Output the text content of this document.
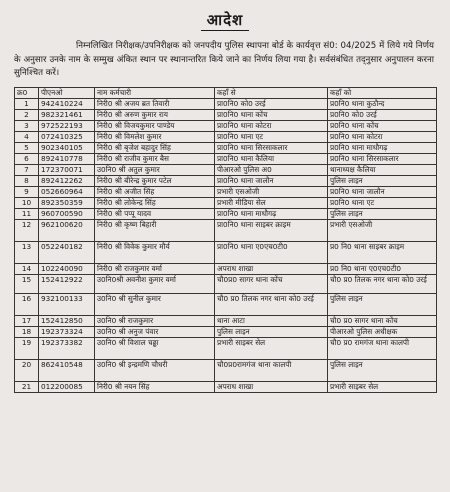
आदेश

निम्नलिखित निरीक्षक/उपनिरीक्षक को जनपदीय पुलिस स्थापना बोर्ड के कार्यवृत्त सं0: 04/2025 में लिये गये निर्णय के अनुसार उनके नाम के सम्मुख अंकित स्थान पर स्थानान्तरित किये जाने का निर्णय लिया गया है। सर्वसंबंधित तद्नुसार अनुपालन करना सुनिश्चित करें।

क्र0	पीएनओ	नाम कर्मचारी	कहाँ से	कहाँ को
1	942410224	निरी0 श्री अजय ब्रत तिवारी	प्रा0नि0 को0 उरई	प्र0नि0 थाना कुठौन्द
2	982321461	निरी0 श्री अरुण कुमार राय	प्रा0नि0 थाना कोंच	प्र0नि0 को0 उरई
3	972522193	निरी0 श्री विजयकुमार पाण्डेय	प्रा0नि0 थाना कोटरा	प्र0नि0 थाना कोंच
4	072410325	निरी0 श्री विमलेश कुमार	प्रा0नि0 थाना एट	प्र0नि0 थाना कोटरा
5	902340105	निरी0 श्री बृजेश बहादुर सिंह	प्रा0नि0 थाना सिरसाकलार	प्र0नि0 थाना माधौगढ़
6	892410778	निरी0 श्री राजीव कुमार बैस	प्रा0नि0 थाना कैलिया	प्र0नि0 थाना सिरसाकलार
7	172370071	उ0नि0 श्री अतुल कुमार	पीआरओ पुलिस अ0	थानाध्यक्ष कैलिया
8	892412262	निरी0 श्री बीरेन्द्र कुमार पटेल	प्रा0नि0 थाना जालौन	पुलिस लाइन
9	052660964	निरी0 श्री अजीत सिंह	प्रभारी एसओजी	प्र0नि0 थाना जालौन
10	892350359	निरी0 श्री लोकेन्द्र सिंह	प्रभारी मीडिया सेल	प्र0नि0 थाना एट
11	960700590	निरी0 श्री पप्पू यादव	प्रा0नि0 थाना माधौगढ़	पुलिस लाइन
12	962100620	निरी0 श्री कृष्ण बिहारी	प्रा0नि0 थाना साइबर क्राइम	प्रभारी एसओजी
13	052240182	निरी0 श्री विवेक कुमार मौर्य	प्रा0नि0 थाना ए0एच0टी0	प्र0 नि0 थाना साइबर क्राइम
14	102240090	निरी0 श्री राजकुमार वर्मा	अपराध शाखा	प्र0 नि0 थाना ए0एच0टी0
15	152412922	उ0नि0श्री अवनीश कुमार वर्मा	चौ0प्र0 सागर थाना कोंच	चौ0 प्र0 तिलक नगर थाना को0 उरई
16	932100133	उ0नि0 श्री सुनील कुमार	चौ0 प्र0 तिलक नगर थाना को0 उरई	पुलिस लाइन
17	152412850	उ0नि0 श्री राजकुमार	थाना आटा	चौ0 प्र0 सागर थाना कोंच
18	192373324	उ0नि0 श्री अनुज पंवार	पुलिस लाइन	पीआरओ पुलिस अधीक्षक
19	192373382	उ0नि0 श्री विशाल चढ्ढा	प्रभारी साइबर सेल	चौ0 प्र0 रामगंज थाना कालपी
20	862410548	उ0नि0 श्री इन्द्रमणि चौधरी	चौ0प्र0रामगंज थाना कालपी	पुलिस लाइन
21	012200085	निरी0 श्री नयन सिंह	अपराध शाखा	प्रभारी साइबर सेल
